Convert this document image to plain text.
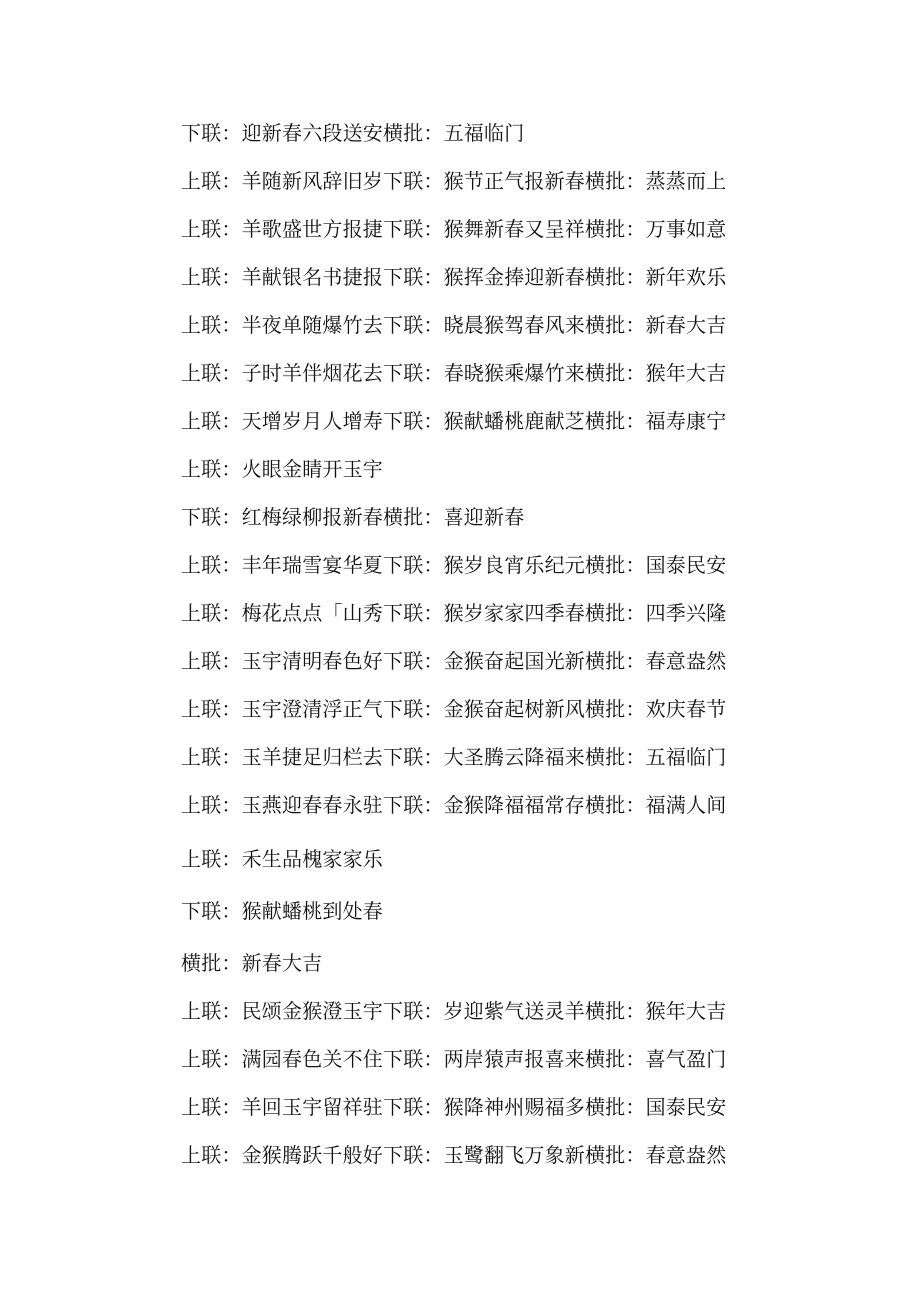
下联：迎新春六段送安横批：五福临门
上联：羊随新风辞旧岁下联：猴节正气报新春横批：蒸蒸而上
上联：羊歌盛世方报捷下联：猴舞新春又呈祥横批：万事如意
上联：羊献银名书捷报下联：猴挥金捧迎新春横批：新年欢乐
上联：半夜单随爆竹去下联：晓晨猴驾春风来横批：新春大吉
上联：子时羊伴烟花去下联：春晓猴乘爆竹来横批：猴年大吉
上联：天增岁月人增寿下联：猴献蟠桃鹿献芝横批：福寿康宁
上联：火眼金睛开玉宇
下联：红梅绿柳报新春横批：喜迎新春
上联：丰年瑞雪宴华夏下联：猴岁良宵乐纪元横批：国泰民安
上联：梅花点点「山秀下联：猴岁家家四季春横批：四季兴隆
上联：玉宇清明春色好下联：金猴奋起国光新横批：春意盎然
上联：玉宇澄清浮正气下联：金猴奋起树新风横批：欢庆春节
上联：玉羊捷足归栏去下联：大圣腾云降福来横批：五福临门
上联：玉燕迎春春永驻下联：金猴降福福常存横批：福满人间
上联：禾生品槐家家乐
下联：猴献蟠桃到处春
横批：新春大吉
上联：民颂金猴澄玉宇下联：岁迎紫气送灵羊横批：猴年大吉
上联：满园春色关不住下联：两岸猿声报喜来横批：喜气盈门
上联：羊回玉宇留祥驻下联：猴降神州赐福多横批：国泰民安
上联：金猴腾跃千般好下联：玉鹭翻飞万象新横批：春意盎然
